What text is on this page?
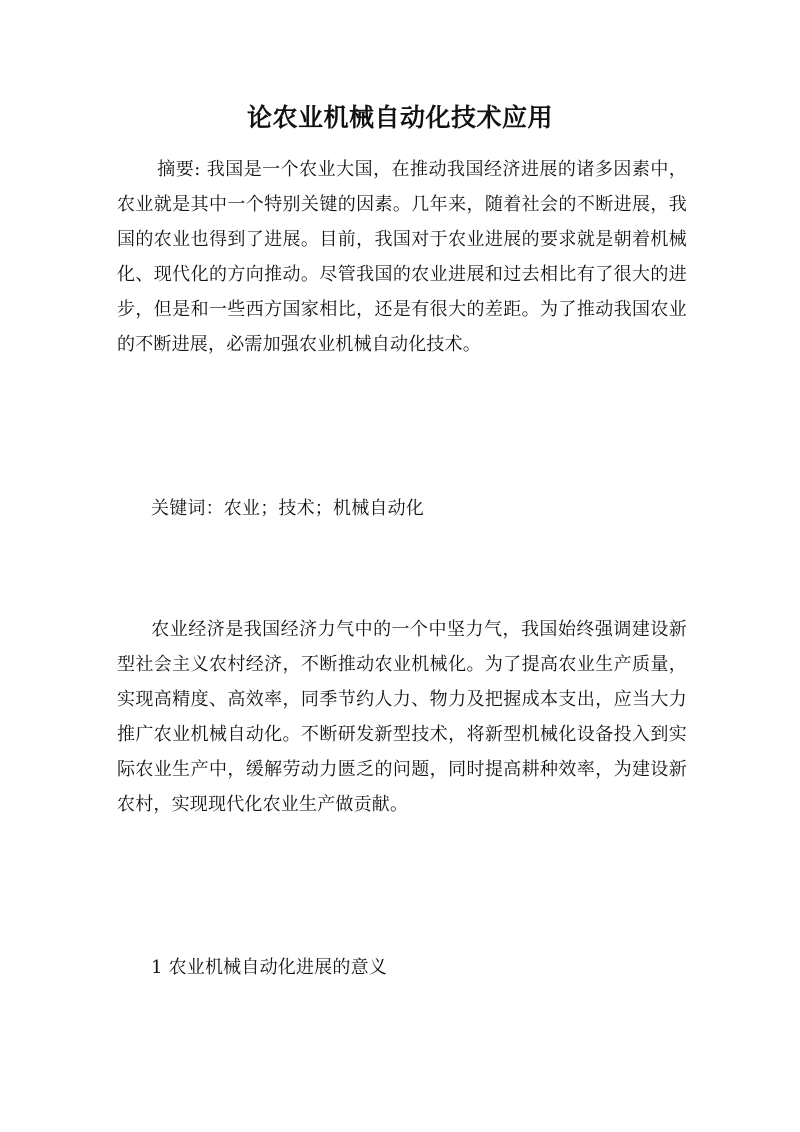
论农业机械自动化技术应用
摘要: 我国是一个农业大国，在推动我国经济进展的诸多因素中，农业就是其中一个特别关键的因素。几年来，随着社会的不断进展，我国的农业也得到了进展。目前，我国对于农业进展的要求就是朝着机械化、现代化的方向推动。尽管我国的农业进展和过去相比有了很大的进步，但是和一些西方国家相比，还是有很大的差距。为了推动我国农业的不断进展，必需加强农业机械自动化技术。
关键词：农业；技术；机械自动化
农业经济是我国经济力气中的一个中坚力气，我国始终强调建设新型社会主义农村经济，不断推动农业机械化。为了提高农业生产质量，实现高精度、高效率，同季节约人力、物力及把握成本支出，应当大力推广农业机械自动化。不断研发新型技术，将新型机械化设备投入到实际农业生产中，缓解劳动力匮乏的问题，同时提高耕种效率，为建设新农村，实现现代化农业生产做贡献。
1 农业机械自动化进展的意义
